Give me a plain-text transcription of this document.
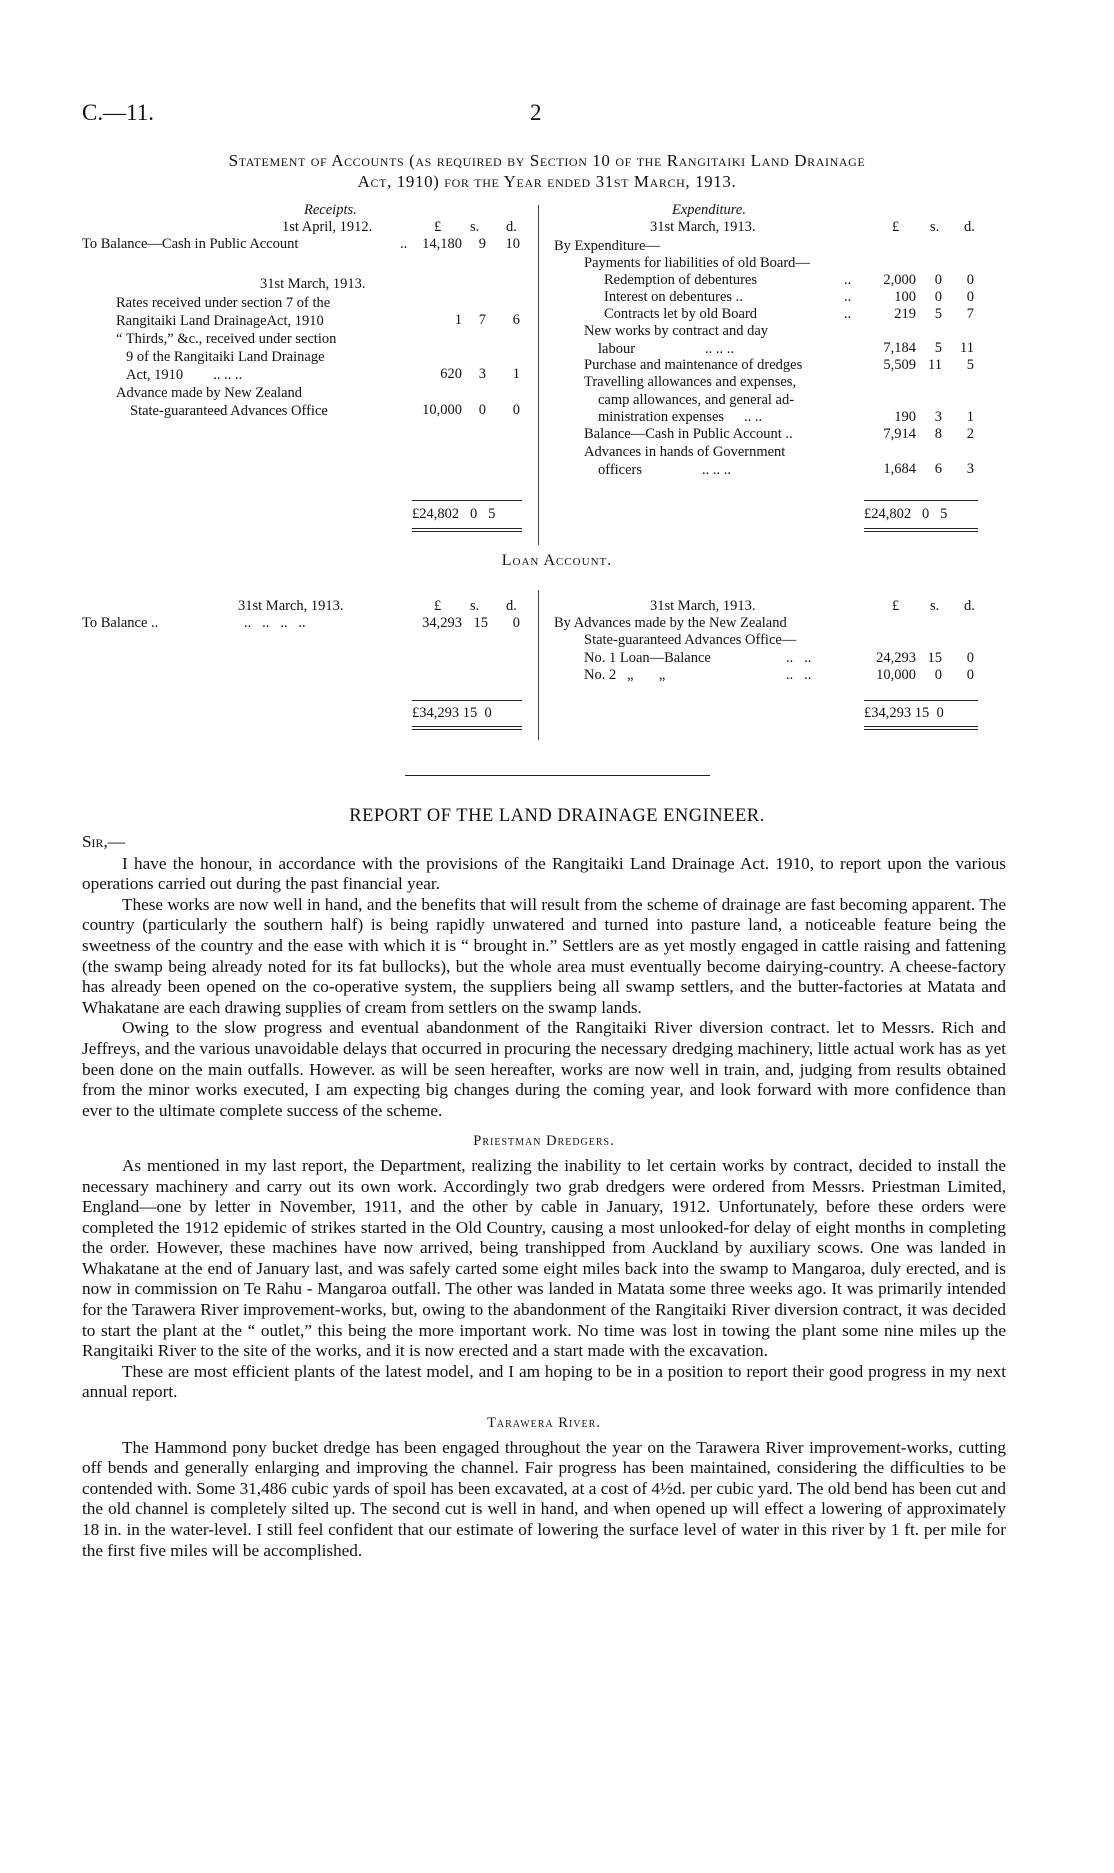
C.—11.	2
Statement of Accounts (as required by Section 10 of the Rangitaiki Land Drainage
Act, 1910) for the Year ended 31st March, 1913.
Receipts.
1st April, 1912.	£ s. d.
To Balance—Cash in Public Account	..	14,180	9	10
31st March, 1913.
Rates received under section 7 of the
Rangitaiki Land DrainageAct, 1910	1	7	6
“ Thirds,” &c., received under section
9 of the Rangitaiki Land Drainage
Act, 1910 .. .. ..	620	3	1
Advance made by New Zealand
State-guaranteed Advances Office	10,000	0	0
£24,802   0   5
Expenditure.
31st March, 1913.	£ s. d.
By Expenditure—
Payments for liabilities of old Board—
Redemption of debentures	..	2,000	0	0
Interest on debentures ..	..	100	0	0
Contracts let by old Board	..	219	5	7
New works by contract and day
labour	.. .. ..	7,184	5	11
Purchase and maintenance of dredges	5,509 11	5
Travelling allowances and expenses,
camp allowances, and general ad-
ministration expenses .. ..	190	3	1
Balance—Cash in Public Account ..	7,914	8	2
Advances in hands of Government
officers	.. .. ..	1,684	6	3
£24,802   0   5
Loan Account.
31st March, 1913.	£ s. d.
To Balance ..	..   ..   ..   ..	34,293 15	0
£34,293 15  0
31st March, 1913.	£ s. d.
By Advances made by the New Zealand
State-guaranteed Advances Office—
No. 1 Loan—Balance	..   ..	24,293 15	0
No. 2   „       „	..   ..	10,000	0	0
£34,293 15  0
REPORT OF THE LAND DRAINAGE ENGINEER.
Sir,—

I have the honour, in accordance with the provisions of the Rangitaiki Land Drainage Act. 1910, to report upon the various operations carried out during the past financial year.

These works are now well in hand, and the benefits that will result from the scheme of drainage are fast becoming apparent. The country (particularly the southern half) is being rapidly unwatered and turned into pasture land, a noticeable feature being the sweetness of the country and the ease with which it is “ brought in.” Settlers are as yet mostly engaged in cattle raising and fattening (the swamp being already noted for its fat bullocks), but the whole area must eventually become dairying-country. A cheese-factory has already been opened on the co-operative system, the suppliers being all swamp settlers, and the butter-factories at Matata and Whakatane are each drawing supplies of cream from settlers on the swamp lands.

Owing to the slow progress and eventual abandonment of the Rangitaiki River diversion contract. let to Messrs. Rich and Jeffreys, and the various unavoidable delays that occurred in procuring the necessary dredging machinery, little actual work has as yet been done on the main outfalls. However. as will be seen hereafter, works are now well in train, and, judging from results obtained from the minor works executed, I am expecting big changes during the coming year, and look forward with more confidence than ever to the ultimate complete success of the scheme.

Priestman Dredgers.

As mentioned in my last report, the Department, realizing the inability to let certain works by contract, decided to install the necessary machinery and carry out its own work. Accordingly two grab dredgers were ordered from Messrs. Priestman Limited, England—one by letter in November, 1911, and the other by cable in January, 1912. Unfortunately, before these orders were completed the 1912 epidemic of strikes started in the Old Country, causing a most unlooked-for delay of eight months in completing the order. However, these machines have now arrived, being transhipped from Auckland by auxiliary scows. One was landed in Whakatane at the end of January last, and was safely carted some eight miles back into the swamp to Mangaroa, duly erected, and is now in commission on Te Rahu - Mangaroa outfall. The other was landed in Matata some three weeks ago. It was primarily intended for the Tarawera River improvement-works, but, owing to the abandonment of the Rangitaiki River diversion contract, it was decided to start the plant at the “ outlet,” this being the more important work. No time was lost in towing the plant some nine miles up the Rangitaiki River to the site of the works, and it is now erected and a start made with the excavation.

These are most efficient plants of the latest model, and I am hoping to be in a position to report their good progress in my next annual report.

Tarawera River.

The Hammond pony bucket dredge has been engaged throughout the year on the Tarawera River improvement-works, cutting off bends and generally enlarging and improving the channel. Fair progress has been maintained, considering the difficulties to be contended with. Some 31,486 cubic yards of spoil has been excavated, at a cost of 4½d. per cubic yard. The old bend has been cut and the old channel is completely silted up. The second cut is well in hand, and when opened up will effect a lowering of approximately 18 in. in the water-level. I still feel confident that our estimate of lowering the surface level of water in this river by 1 ft. per mile for the first five miles will be accomplished.
